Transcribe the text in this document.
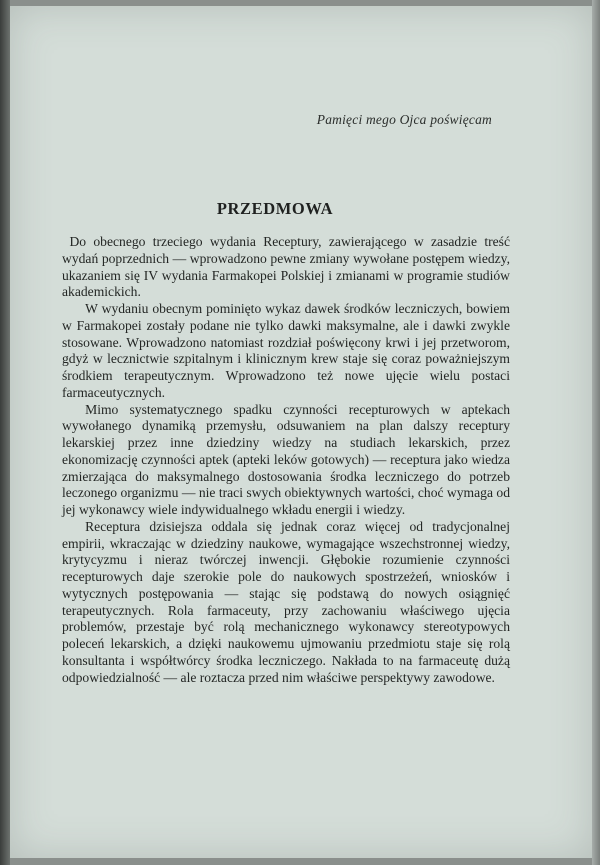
Pamięci mego Ojca poświęcam
PRZEDMOWA

Do obecnego trzeciego wydania Receptury, zawierającego w zasadzie treść wydań poprzednich — wprowadzono pewne zmiany wywołane postępem wiedzy, ukazaniem się IV wydania Farmakopei Polskiej i zmianami w programie studiów akademickich.

W wydaniu obecnym pominięto wykaz dawek środków leczniczych, bowiem w Farmakopei zostały podane nie tylko dawki maksymalne, ale i dawki zwykle stosowane. Wprowadzono natomiast rozdział poświęcony krwi i jej przetworom, gdyż w lecznictwie szpitalnym i klinicznym krew staje się coraz poważniejszym środkiem terapeutycznym. Wprowadzono też nowe ujęcie wielu postaci farmaceutycznych.

Mimo systematycznego spadku czynności recepturowych w aptekach wywołanego dynamiką przemysłu, odsuwaniem na plan dalszy receptury lekarskiej przez inne dziedziny wiedzy na studiach lekarskich, przez ekonomizację czynności aptek (apteki leków gotowych) — receptura jako wiedza zmierzająca do maksymalnego dostosowania środka leczniczego do potrzeb leczonego organizmu — nie traci swych obiektywnych wartości, choć wymaga od jej wykonawcy wiele indywidualnego wkładu energii i wiedzy.

Receptura dzisiejsza oddala się jednak coraz więcej od tradycjonalnej empirii, wkraczając w dziedziny naukowe, wymagające wszechstronnej wiedzy, krytycyzmu i nieraz twórczej inwencji. Głębokie rozumienie czynności recepturowych daje szerokie pole do naukowych spostrzeżeń, wniosków i wytycznych postępowania — stając się podstawą do nowych osiągnięć terapeutycznych. Rola farmaceuty, przy zachowaniu właściwego ujęcia problemów, przestaje być rolą mechanicznego wykonawcy stereotypowych poleceń lekarskich, a dzięki naukowemu ujmowaniu przedmiotu staje się rolą konsultanta i współtwórcy środka leczniczego. Nakłada to na farmaceutę dużą odpowiedzialność — ale roztacza przed nim właściwe perspektywy zawodowe.
